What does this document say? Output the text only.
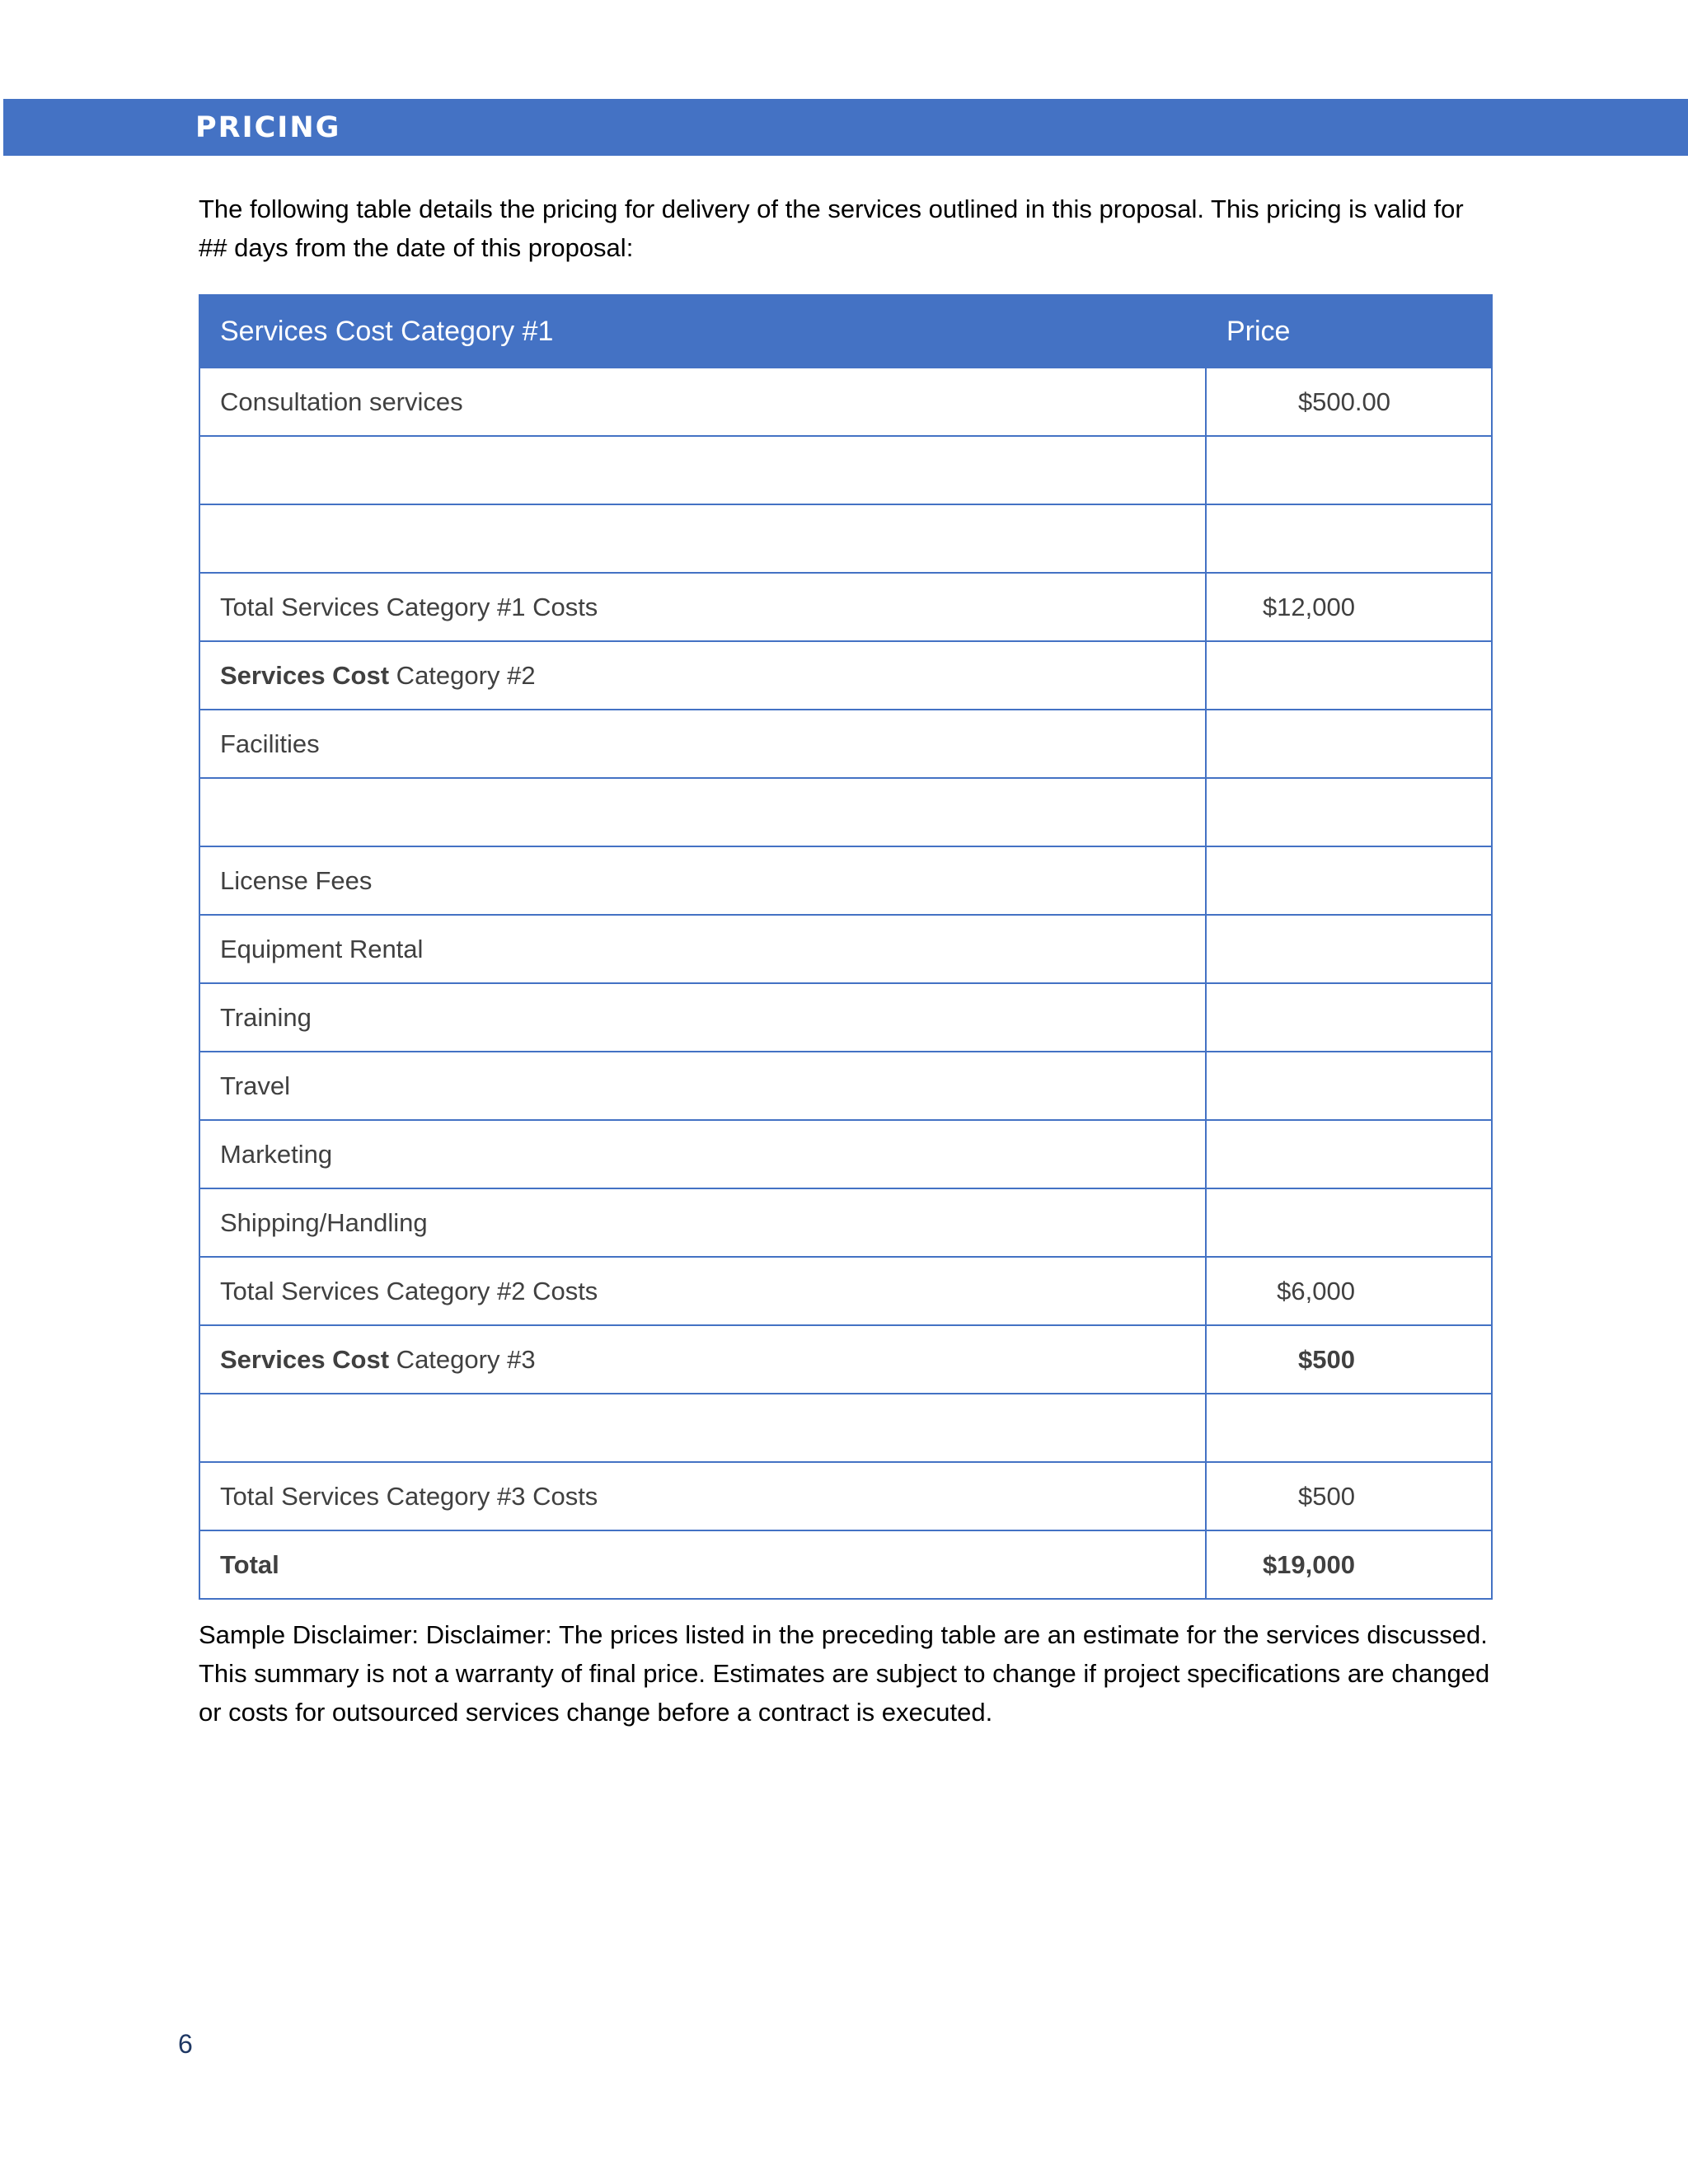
PRICING
The following table details the pricing for delivery of the services outlined in this proposal. This pricing is valid for ## days from the date of this proposal:
Services Cost Category #1	Price
Consultation services	$500.00

Total Services Category #1 Costs	$12,000
Services Cost Category #2	
Facilities	

License Fees	
Equipment Rental	
Training	
Travel	
Marketing	
Shipping/Handling	
Total Services Category #2 Costs	$6,000
Services Cost Category #3	$500

Total Services Category #3 Costs	$500
Total	$19,000
Sample Disclaimer: Disclaimer: The prices listed in the preceding table are an estimate for the services discussed. This summary is not a warranty of final price. Estimates are subject to change if project specifications are changed or costs for outsourced services change before a contract is executed.
6
